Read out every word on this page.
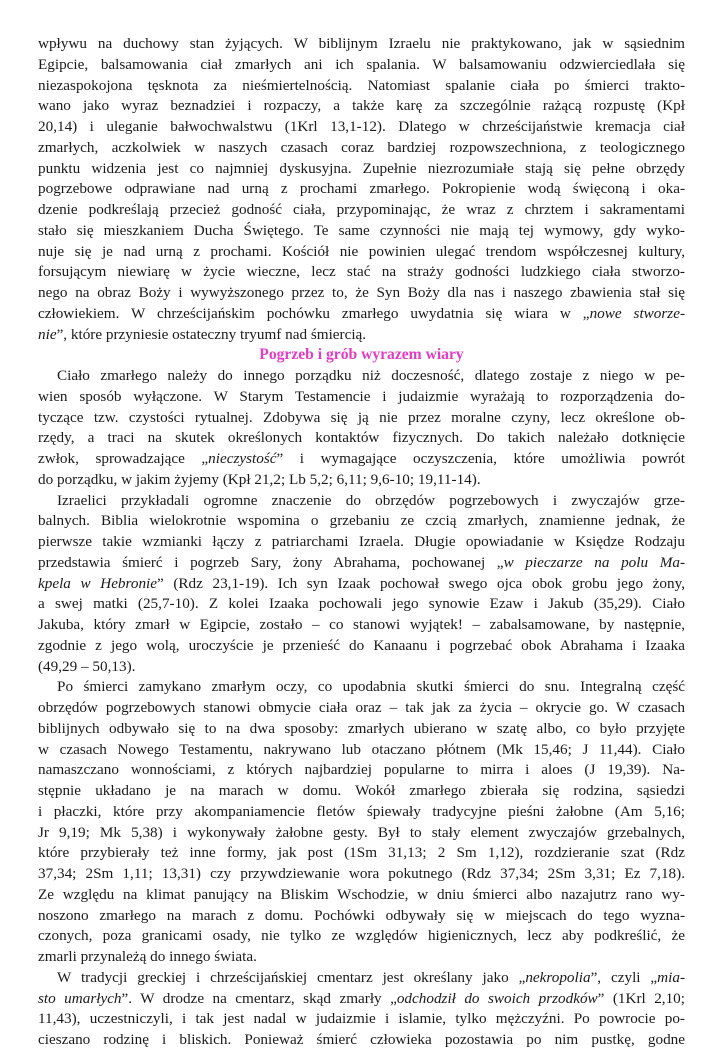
wpływu na duchowy stan żyjących. W biblijnym Izraelu nie praktykowano, jak w sąsiednim
Egipcie, balsamowania ciał zmarłych ani ich spalania. W balsamowaniu odzwierciedlała się
niezaspokojona tęsknota za nieśmiertelnością. Natomiast spalanie ciała po śmierci trakto-
wano jako wyraz beznadziei i rozpaczy, a także karę za szczególnie rażącą rozpustę (Kpł
20,14) i uleganie bałwochwalstwu (1Krl 13,1-12). Dlatego w chrześcijaństwie kremacja ciał
zmarłych, aczkolwiek w naszych czasach coraz bardziej rozpowszechniona, z teologicznego
punktu widzenia jest co najmniej dyskusyjna. Zupełnie niezrozumiałe stają się pełne obrzędy
pogrzebowe odprawiane nad urną z prochami zmarłego. Pokropienie wodą święconą i oka-
dzenie podkreślają przecież godność ciała, przypominając, że wraz z chrztem i sakramentami
stało się mieszkaniem Ducha Świętego. Te same czynności nie mają tej wymowy, gdy wyko-
nuje się je nad urną z prochami. Kościół nie powinien ulegać trendom współczesnej kultury,
forsującym niewiarę w życie wieczne, lecz stać na straży godności ludzkiego ciała stworzo-
nego na obraz Boży i wywyższonego przez to, że Syn Boży dla nas i naszego zbawienia stał się
człowiekiem. W chrześcijańskim pochówku zmarłego uwydatnia się wiara w „nowe stworze-
nie”, które przyniesie ostateczny tryumf nad śmiercią.

Pogrzeb i grób wyrazem wiary

Ciało zmarłego należy do innego porządku niż doczesność, dlatego zostaje z niego w pe-
wien sposób wyłączone. W Starym Testamencie i judaizmie wyrażają to rozporządzenia do-
tyczące tzw. czystości rytualnej. Zdobywa się ją nie przez moralne czyny, lecz określone ob-
rzędy, a traci na skutek określonych kontaktów fizycznych. Do takich należało dotknięcie
zwłok, sprowadzające „nieczystość” i wymagające oczyszczenia, które umożliwia powrót
do porządku, w jakim żyjemy (Kpł 21,2; Lb 5,2; 6,11; 9,6-10; 19,11-14).

Izraelici przykładali ogromne znaczenie do obrzędów pogrzebowych i zwyczajów grze-
balnych. Biblia wielokrotnie wspomina o grzebaniu ze czcią zmarłych, znamienne jednak, że
pierwsze takie wzmianki łączy z patriarchami Izraela. Długie opowiadanie w Księdze Rodzaju
przedstawia śmierć i pogrzeb Sary, żony Abrahama, pochowanej „w pieczarze na polu Ma-
kpela w Hebronie” (Rdz 23,1-19). Ich syn Izaak pochował swego ojca obok grobu jego żony,
a swej matki (25,7-10). Z kolei Izaaka pochowali jego synowie Ezaw i Jakub (35,29). Ciało
Jakuba, który zmarł w Egipcie, zostało – co stanowi wyjątek! – zabalsamowane, by następnie,
zgodnie z jego wolą, uroczyście je przenieść do Kanaanu i pogrzebać obok Abrahama i Izaaka
(49,29 – 50,13).

Po śmierci zamykano zmarłym oczy, co upodabnia skutki śmierci do snu. Integralną część
obrzędów pogrzebowych stanowi obmycie ciała oraz – tak jak za życia – okrycie go. W czasach
biblijnych odbywało się to na dwa sposoby: zmarłych ubierano w szatę albo, co było przyjęte
w czasach Nowego Testamentu, nakrywano lub otaczano płótnem (Mk 15,46; J 11,44). Ciało
namaszczano wonnościami, z których najbardziej popularne to mirra i aloes (J 19,39). Na-
stępnie układano je na marach w domu. Wokół zmarłego zbierała się rodzina, sąsiedzi
i płaczki, które przy akompaniamencie fletów śpiewały tradycyjne pieśni żałobne (Am 5,16;
Jr 9,19; Mk 5,38) i wykonywały żałobne gesty. Był to stały element zwyczajów grzebalnych,
które przybierały też inne formy, jak post (1Sm 31,13; 2 Sm 1,12), rozdzieranie szat (Rdz
37,34; 2Sm 1,11; 13,31) czy przywdziewanie wora pokutnego (Rdz 37,34; 2Sm 3,31; Ez 7,18).
Ze względu na klimat panujący na Bliskim Wschodzie, w dniu śmierci albo nazajutrz rano wy-
noszono zmarłego na marach z domu. Pochówki odbywały się w miejscach do tego wyzna-
czonych, poza granicami osady, nie tylko ze względów higienicznych, lecz aby podkreślić, że
zmarli przynależą do innego świata.

W tradycji greckiej i chrześcijańskiej cmentarz jest określany jako „nekropolia”, czyli „mia-
sto umarłych”. W drodze na cmentarz, skąd zmarły „odchodził do swoich przodków” (1Krl 2,10;
11,43), uczestniczyli, i tak jest nadal w judaizmie i islamie, tylko mężczyźni. Po powrocie po-
cieszano rodzinę i bliskich. Ponieważ śmierć człowieka pozostawia po nim pustkę, godne
